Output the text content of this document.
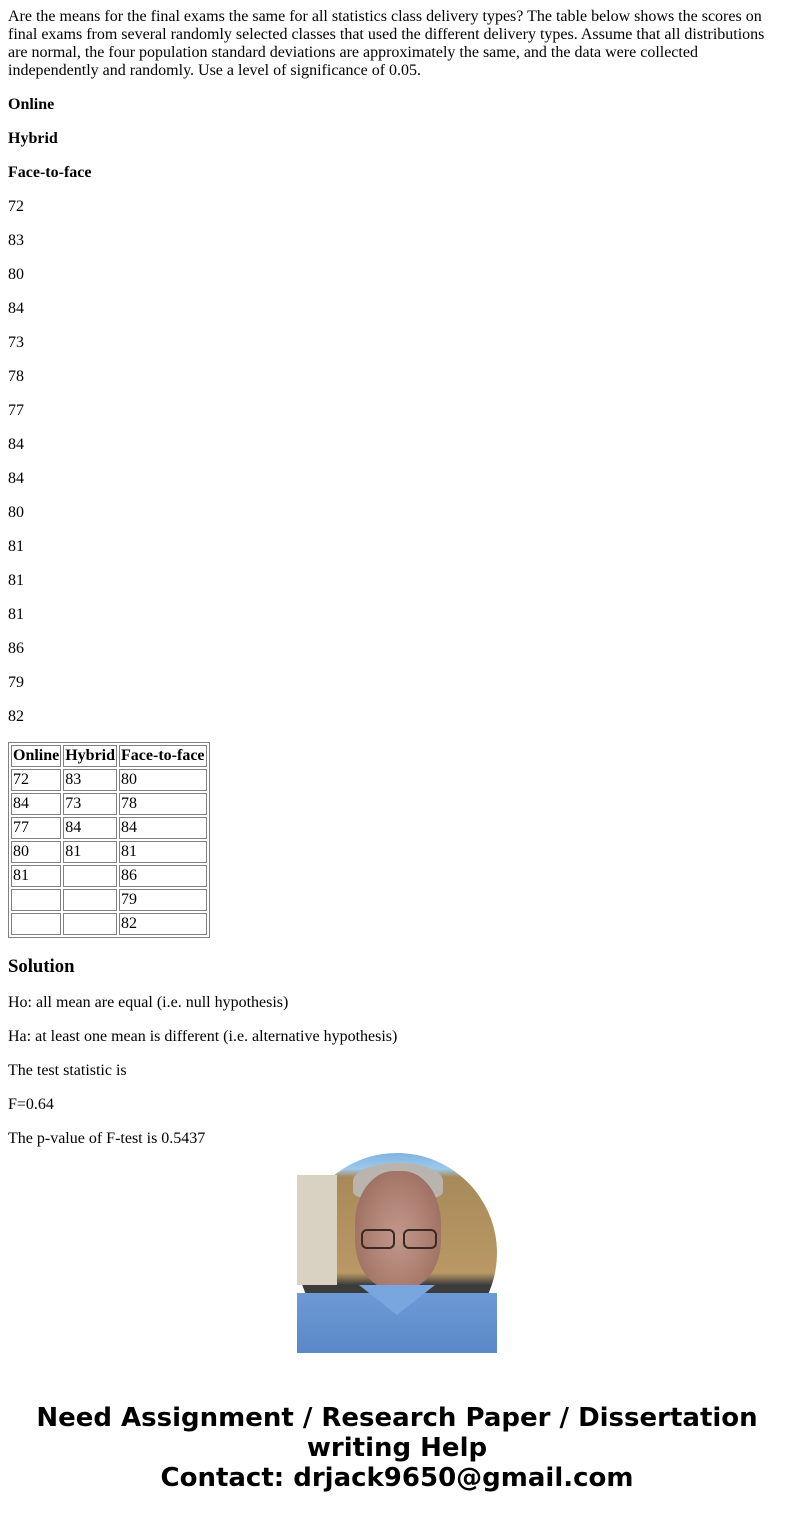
Are the means for the final exams the same for all statistics class delivery types? The table below shows the scores on final exams from several randomly selected classes that used the different delivery types. Assume that all distributions are normal, the four population standard deviations are approximately the same, and the data were collected independently and randomly. Use a level of significance of 0.05.

Online

Hybrid

Face-to-face

72

83

80

84

73

78

77

84

84

80

81

81

81

86

79

82

Online	Hybrid	Face-to-face
72	83	80
84	73	78
77	84	84
80	81	81
81		86
		79
		82
Solution

Ho: all mean are equal (i.e. null hypothesis)

Ha: at least one mean is different (i.e. alternative hypothesis)

The test statistic is

F=0.64

The p-value of F-test is 0.5437

Need Assignment / Research Paper / Dissertation
writing Help
Contact: drjack9650@gmail.com
